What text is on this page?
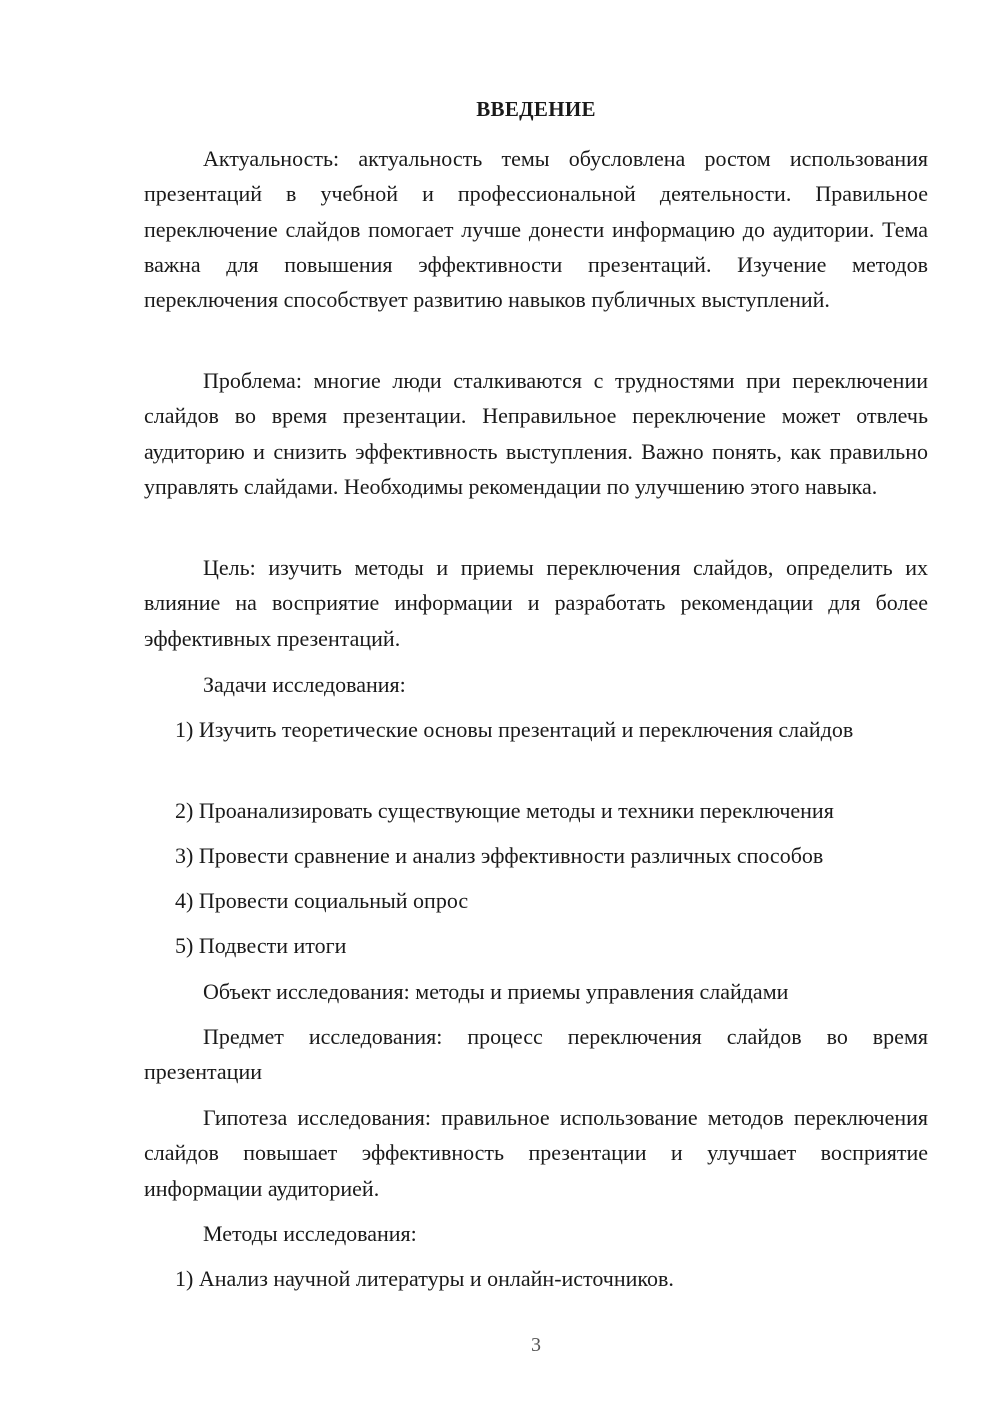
ВВЕДЕНИЕ

Актуальность: актуальность темы обусловлена ростом использования презентаций в учебной и профессиональной деятельности. Правильное переключение слайдов помогает лучше донести информацию до аудитории. Тема важна для повышения эффективности презентаций. Изучение методов переключения способствует развитию навыков публичных выступлений.

Проблема: многие люди сталкиваются с трудностями при переключении слайдов во время презентации. Неправильное переключение может отвлечь аудиторию и снизить эффективность выступления. Важно понять, как правильно управлять слайдами. Необходимы рекомендации по улучшению этого навыка.

Цель: изучить методы и приемы переключения слайдов, определить их влияние на восприятие информации и разработать рекомендации для более эффективных презентаций.

Задачи исследования:

1) Изучить теоретические основы презентаций и переключения слайдов

2) Проанализировать существующие методы и техники переключения

3) Провести сравнение и анализ эффективности различных способов

4) Провести социальный опрос

5) Подвести итоги

Объект исследования: методы и приемы управления слайдами

Предмет исследования: процесс переключения слайдов во время презентации

Гипотеза исследования: правильное использование методов переключения слайдов повышает эффективность презентации и улучшает восприятие информации аудиторией.

Методы исследования:

1) Анализ научной литературы и онлайн-источников.

3
